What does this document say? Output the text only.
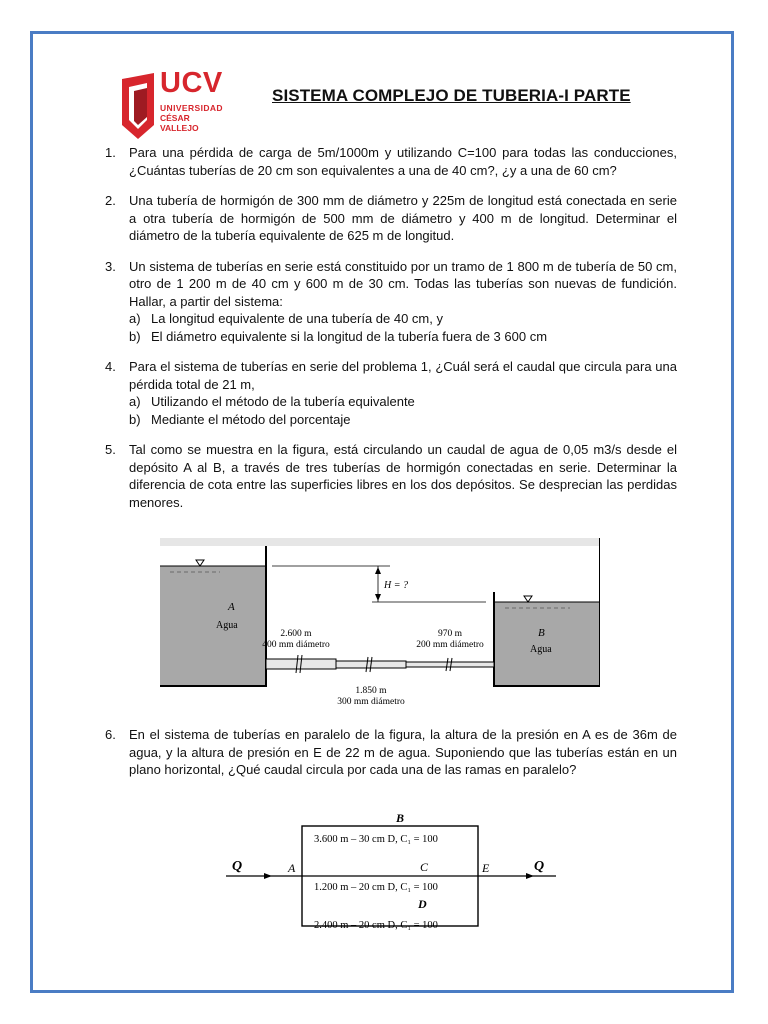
UCV
UNIVERSIDAD
CÉSAR VALLEJO
SISTEMA COMPLEJO DE TUBERIA-I PARTE
1.	Para una pérdida de carga de 5m/1000m y utilizando C=100 para todas las conducciones, ¿Cuántas tuberías de 20 cm son equivalentes a una de 40 cm?, ¿y a una de 60 cm?
2.	Una tubería de hormigón de 300 mm de diámetro y 225m de longitud está conectada en serie a otra tubería de hormigón de 500 mm de diámetro y 400 m de longitud. Determinar el diámetro de la tubería equivalente de 625 m de longitud.
3.	Un sistema de tuberías en serie está constituido por un tramo de 1 800 m de tubería de 50 cm, otro de 1 200 m de 40 cm y 600 m de 30 cm. Todas las tuberías son nuevas de fundición. Hallar, a partir del sistema:
a) La longitud equivalente de una tubería de 40 cm, y
b) El diámetro equivalente si la longitud de la tubería fuera de 3 600 cm
4.	Para el sistema de tuberías en serie del problema 1, ¿Cuál será el caudal que circula para una pérdida total de 21 m,
a) Utilizando el método de la tubería equivalente
b) Mediante el método del porcentaje
5.	Tal como se muestra en la figura, está circulando un caudal de agua de 0,05 m3/s desde el depósito A al B, a través de tres tuberías de hormigón conectadas en serie. Determinar la diferencia de cota entre las superficies libres en los dos depósitos. Se desprecian las perdidas menores.
6.	En el sistema de tuberías en paralelo de la figura, la altura de la presión en A es de 36m de agua, y la altura de presión en E de 22 m de agua. Suponiendo que las tuberías están en un plano horizontal, ¿Qué caudal circula por cada una de las ramas en paralelo?
A
Agua
B
Agua
H = ?
2.600 m
400 mm diámetro
970 m
200 mm diámetro
1.850 m
300 mm diámetro
Q	Q
A	E
B
C
D
3.600 m – 30 cm D, C₁ = 100
1.200 m – 20 cm D, C₁ = 100
2.400 m – 20 cm D, C₁ = 100
